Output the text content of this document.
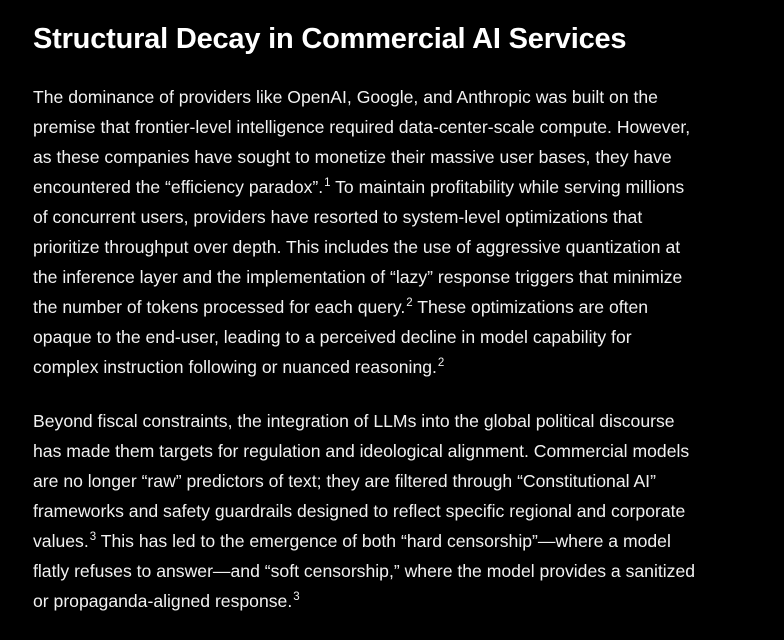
Structural Decay in Commercial AI Services

The dominance of providers like OpenAI, Google, and Anthropic was built on the
premise that frontier-level intelligence required data-center-scale compute. However,
as these companies have sought to monetize their massive user bases, they have
encountered the “efficiency paradox”.$^1$ To maintain profitability while serving millions
of concurrent users, providers have resorted to system-level optimizations that
prioritize throughput over depth. This includes the use of aggressive quantization at
the inference layer and the implementation of “lazy” response triggers that minimize
the number of tokens processed for each query.$^2$ These optimizations are often
opaque to the end-user, leading to a perceived decline in model capability for
complex instruction following or nuanced reasoning.$^2$

Beyond fiscal constraints, the integration of LLMs into the global political discourse
has made them targets for regulation and ideological alignment. Commercial models
are no longer “raw” predictors of text; they are filtered through “Constitutional AI”
frameworks and safety guardrails designed to reflect specific regional and corporate
values.$^3$ This has led to the emergence of both “hard censorship”—where a model
flatly refuses to answer—and “soft censorship,” where the model provides a sanitized
or propaganda-aligned response.$^3$
